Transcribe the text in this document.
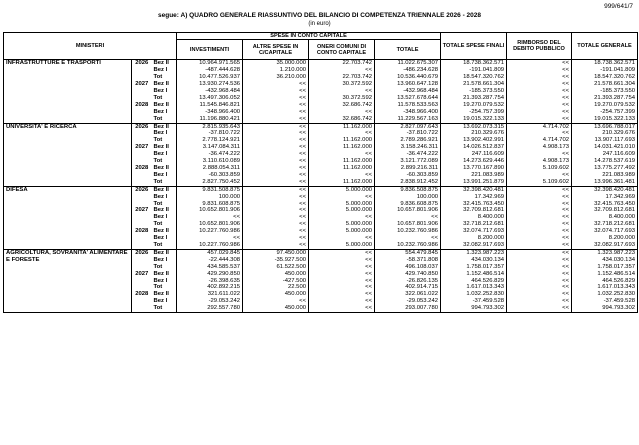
999/641/7
segue: A) QUADRO GENERALE RIASSUNTIVO DEL BILANCIO DI COMPETENZA TRIENNALE 2026 - 2028
(in euro)
MINISTERI			SPESE IN CONTO CAPITALE				TOTALE SPESE FINALI	RIMBORSO DEL DEBITO PUBBLICO	TOTALE GENERALE
			INVESTIMENTI	ALTRE SPESE IN C/CAPITALE	ONERI COMUNI DI CONTO CAPITALE	TOTALE			
INFRASTRUTTURE E TRASPORTI	2026	Bez II	10.964.971.565	35.000.000	22.703.742	11.022.675.307	18.738.362.571	<<	18.738.362.571
		Bez I	-487.444.628	1.210.000	<<	-486.234.628	-191.041.809	<<	-191.041.809
		Tot	10.477.526.937	36.210.000	22.703.742	10.536.440.679	18.547.320.762	<<	18.547.320.762
	2027	Bez II	13.930.274.536	<<	30.372.592	13.960.647.128	21.578.661.304	<<	21.578.661.304
		Bez I	-432.968.484	<<	<<	-432.968.484	-185.373.550	<<	-185.373.550
		Tot	13.497.306.052	<<	30.372.592	13.527.678.644	21.393.287.754	<<	21.393.287.754
	2028	Bez II	11.545.846.821	<<	32.686.742	11.578.533.563	19.270.079.532	<<	19.270.079.532
		Bez I	-348.966.400	<<	<<	-348.966.400	-254.757.399	<<	-254.757.399
		Tot	11.196.880.421	<<	32.686.742	11.229.567.163	19.015.322.133	<<	19.015.322.133
UNIVERSITA' E RICERCA	2026	Bez II	2.815.935.643	<<	11.162.000	2.827.097.643	13.692.073.315	4.714.702	13.696.788.017
		Bez I	-37.810.722	<<	<<	-37.810.722	210.329.676	<<	210.329.676
		Tot	2.778.124.921	<<	11.162.000	2.789.286.921	13.902.402.991	4.714.702	13.907.117.693
	2027	Bez II	3.147.084.311	<<	11.162.000	3.158.246.311	14.026.512.837	4.908.173	14.031.421.010
		Bez I	-36.474.222	<<	<<	-36.474.222	247.116.609	<<	247.116.609
		Tot	3.110.610.089	<<	11.162.000	3.121.772.089	14.273.629.446	4.908.173	14.278.537.619
	2028	Bez II	2.888.054.311	<<	11.162.000	2.899.216.311	13.770.167.890	5.109.602	13.775.277.492
		Bez I	-60.303.859	<<	<<	-60.303.859	221.083.989	<<	221.083.989
		Tot	2.827.750.452	<<	11.162.000	2.838.912.452	13.991.251.879	5.109.602	13.996.361.481
DIFESA	2026	Bez II	9.831.508.875	<<	5.000.000	9.836.508.875	32.398.420.481	<<	32.398.420.481
		Bez I	100.000	<<	<<	100.000	17.342.969	<<	17.342.969
		Tot	9.831.608.875	<<	5.000.000	9.836.608.875	32.415.763.450	<<	32.415.763.450
	2027	Bez II	10.652.801.906	<<	5.000.000	10.657.801.906	32.709.812.681	<<	32.709.812.681
		Bez I	<<	<<	<<	<<	8.400.000	<<	8.400.000
		Tot	10.652.801.906	<<	5.000.000	10.657.801.906	32.718.212.681	<<	32.718.212.681
	2028	Bez II	10.227.760.986	<<	5.000.000	10.232.760.986	32.074.717.693	<<	32.074.717.693
		Bez I	<<	<<	<<	<<	8.200.000	<<	8.200.000
		Tot	10.227.760.986	<<	5.000.000	10.232.760.986	32.082.917.693	<<	32.082.917.693
AGRICOLTURA, SOVRANITA' ALIMENTARE E FORESTE	2026	Bez II	457.029.845	97.450.000	<<	554.479.845	1.323.987.223	<<	1.323.987.223
		Bez I	-22.444.308	-35.927.500	<<	-58.371.808	434.030.134	<<	434.030.134
		Tot	434.585.537	61.522.500	<<	496.108.037	1.758.017.357	<<	1.758.017.357
	2027	Bez II	429.290.850	450.000	<<	429.740.850	1.152.486.514	<<	1.152.486.514
		Bez I	-26.398.635	-427.500	<<	-26.826.135	464.526.829	<<	464.526.829
		Tot	402.892.215	22.500	<<	402.914.715	1.617.013.343	<<	1.617.013.343
	2028	Bez II	321.611.022	450.000	<<	322.061.022	1.032.252.830	<<	1.032.252.830
		Bez I	-29.053.242	<<	<<	-29.053.242	-37.459.528	<<	-37.459.528
		Tot	292.557.780	450.000	<<	293.007.780	994.793.302	<<	994.793.302
